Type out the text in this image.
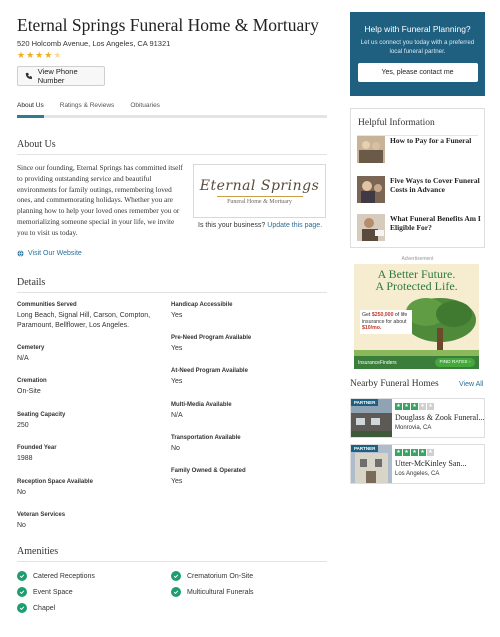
Eternal Springs Funeral Home & Mortuary
520 Holcomb Avenue, Los Angeles, CA 91321
★ ★ ★ ★ ★
View Phone Number
About Us Ratings & Reviews Obituaries
About Us
Since our founding, Eternal Springs has committed itself to providing outstanding service and beautiful environments for family outings, remembering loved ones, and commemorating holidays. Whether you are planning how to help your loved ones remember you or memorializing someone special in your life, we invite you to visit us today.
Eternal Springs
Funeral Home & Mortuary
Is this your business? Update this page.
Visit Our Website
Details
Communities Served
Long Beach, Signal Hill, Carson, Compton, Paramount, Bellflower, Los Angeles.
Cemetery
N/A
Cremation
On-Site
Seating Capacity
250
Founded Year
1988
Reception Space Available
No
Veteran Services
No
Handicap Accessibile
Yes
Pre-Need Program Available
Yes
At-Need Program Available
Yes
Multi-Media Available
N/A
Transportation Available
No
Family Owned & Operated
Yes
Amenities
Catered Receptions	Crematorium On-Site
Event Space	Multicultural Funerals
Chapel
Help with Funeral Planning?
Let us connect you today with a preferred local funeral partner.
Yes, please contact me
Helpful Information
How to Pay for a Funeral
Five Ways to Cover Funeral Costs in Advance
What Funeral Benefits Am I Eligible For?
Advertisement
A Better Future.
A Protected Life.
Get $250,000 of life insurance for about $10/mo.
InsuranceFinders	FIND RATES ›
Nearby Funeral Homes	View All
PARTNER
★ ★ ★ ★ ★
Douglass & Zook Funeral...
Monrovia, CA
PARTNER
★ ★ ★ ★ ★
Utter-McKinley San...
Los Angeles, CA
